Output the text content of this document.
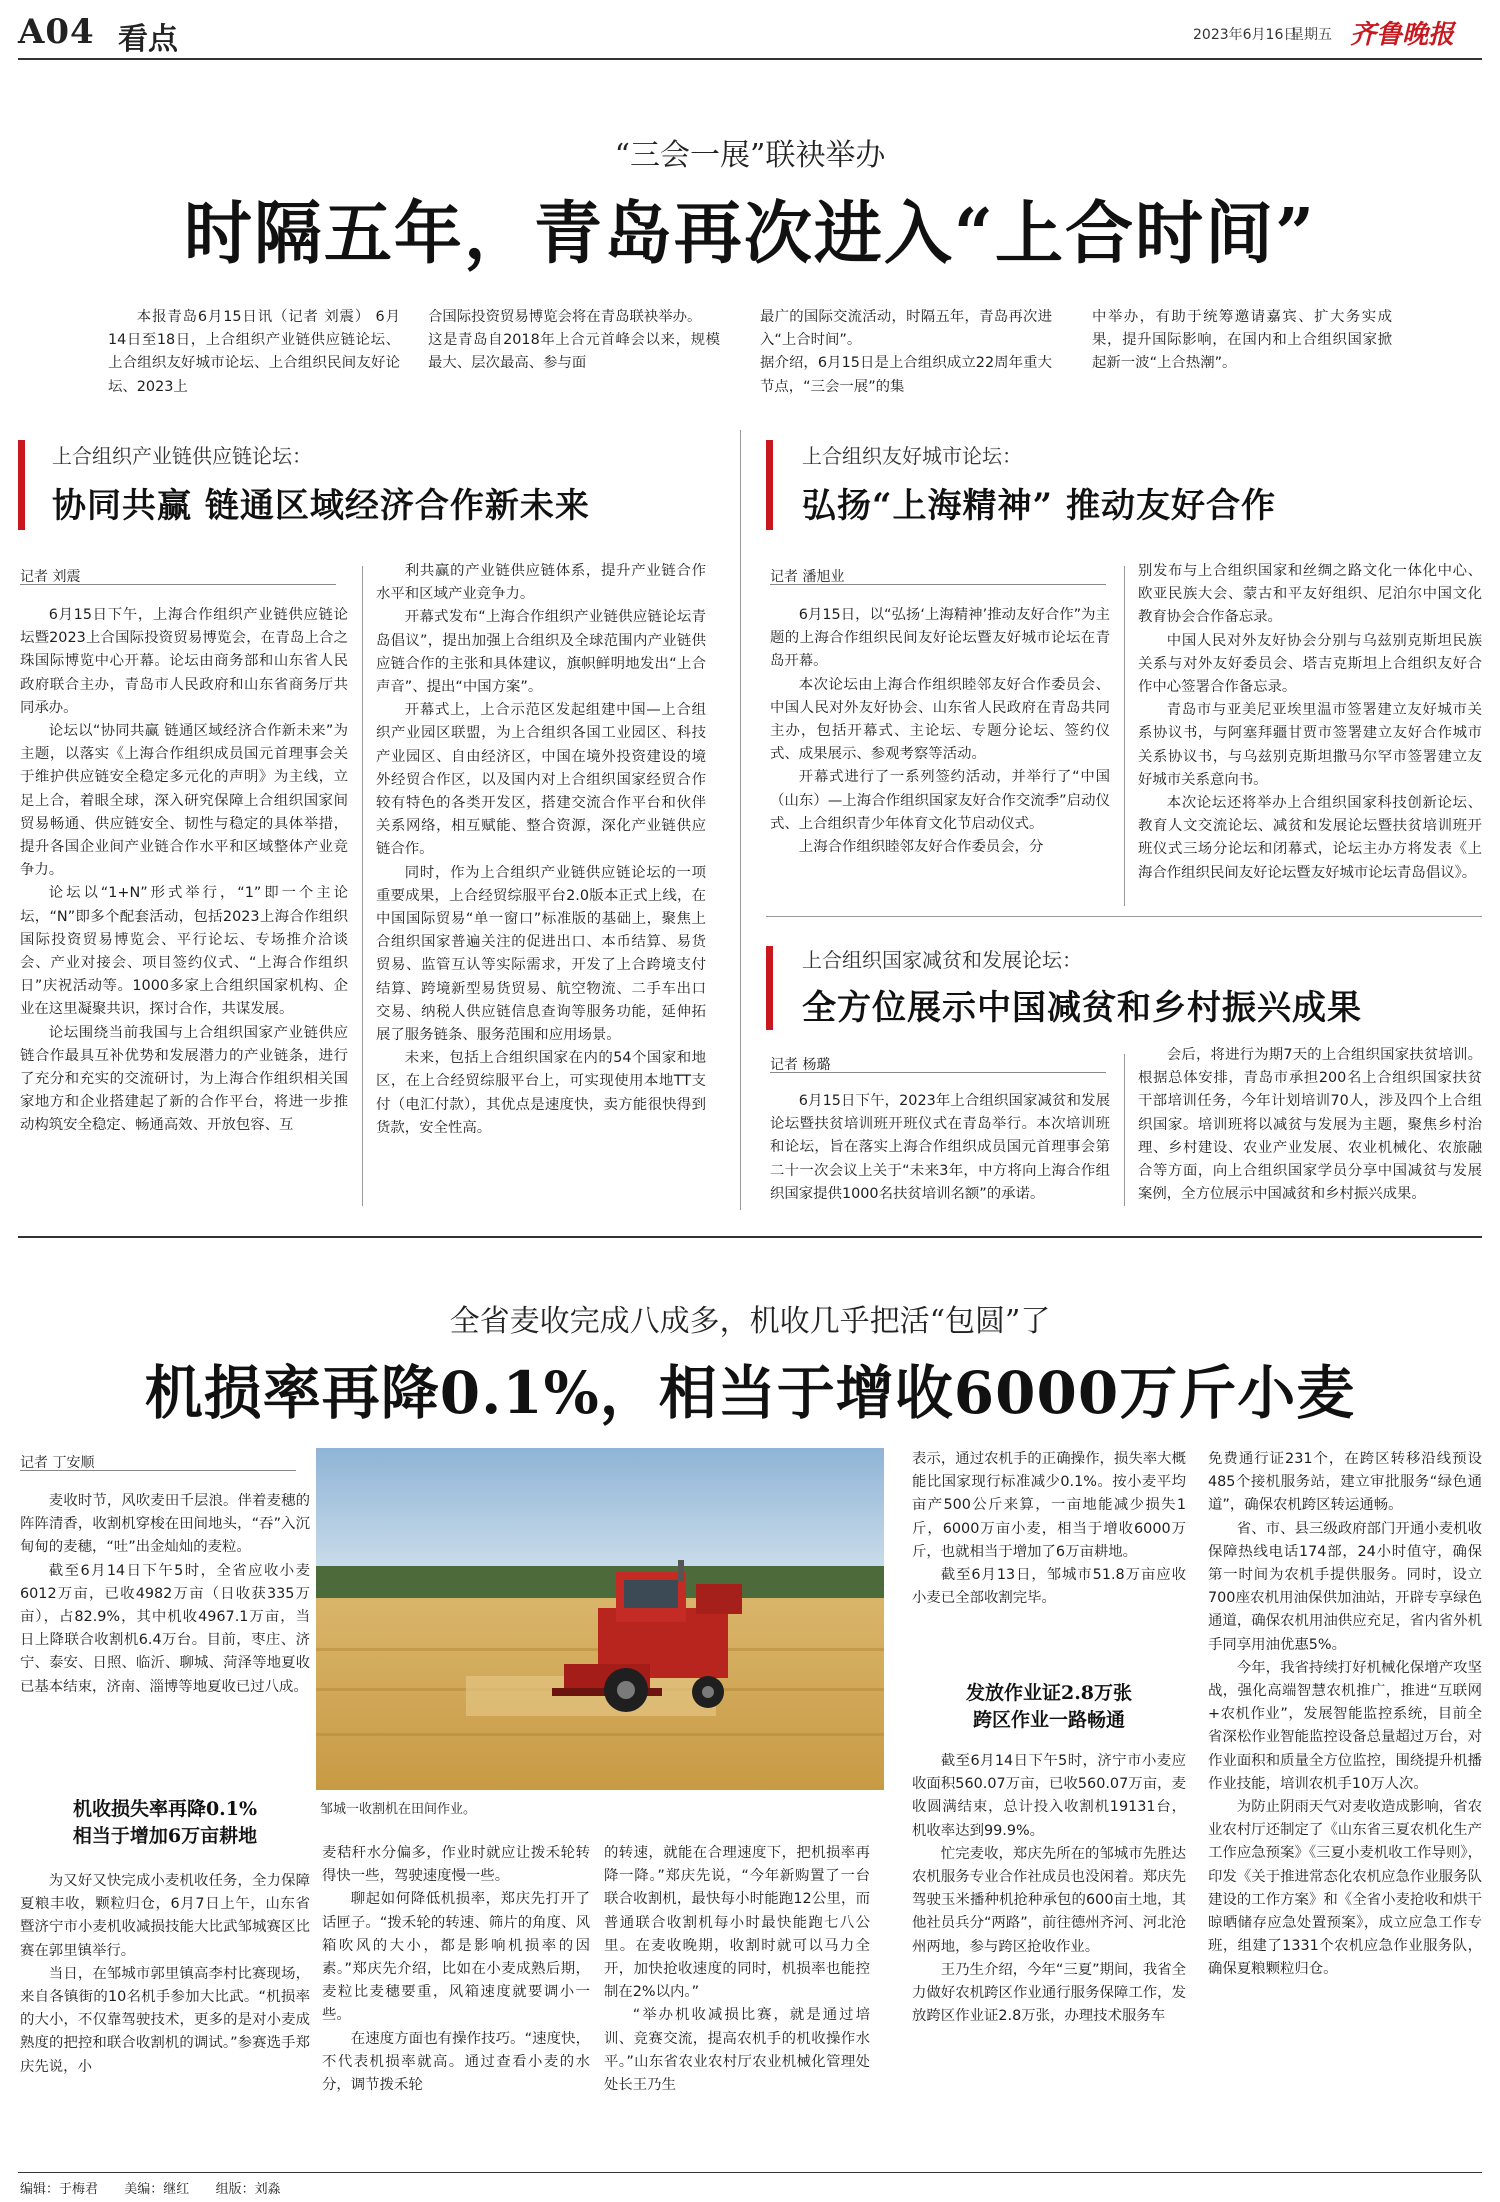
A04 看点	2023年6月16日
星期五 齐鲁晚报
“三会一展”联袂举办
时隔五年，青岛再次进入“上合时间”

本报青岛6月15日讯（记者 刘震） 6月14日至18日，上合组织产业链供应链论坛、上合组织友好城市论坛、上合组织民间友好论坛、2023上

合国际投资贸易博览会将在青岛联袂举办。
这是青岛自2018年上合元首峰会以来，规模最大、层次最高、参与面

最广的国际交流活动，时隔五年，青岛再次进入“上合时间”。
据介绍，6月15日是上合组织成立22周年重大节点，“三会一展”的集

中举办，有助于统筹邀请嘉宾、扩大务实成果，提升国际影响，在国内和上合组织国家掀起新一波“上合热潮”。

上合组织产业链供应链论坛：
协同共赢 链通区域经济合作新未来
记者 刘震

6月15日下午，上海合作组织产业链供应链论坛暨2023上合国际投资贸易博览会，在青岛上合之珠国际博览中心开幕。论坛由商务部和山东省人民政府联合主办，青岛市人民政府和山东省商务厅共同承办。

论坛以“协同共赢 链通区域经济合作新未来”为主题，以落实《上海合作组织成员国元首理事会关于维护供应链安全稳定多元化的声明》为主线，立足上合，着眼全球，深入研究保障上合组织国家间贸易畅通、供应链安全、韧性与稳定的具体举措，提升各国企业间产业链合作水平和区域整体产业竞争力。

论坛以“1+N”形式举行，“1”即一个主论坛，“N”即多个配套活动，包括2023上海合作组织国际投资贸易博览会、平行论坛、专场推介洽谈会、产业对接会、项目签约仪式、“上海合作组织日”庆祝活动等。1000多家上合组织国家机构、企业在这里凝聚共识，探讨合作，共谋发展。

论坛围绕当前我国与上合组织国家产业链供应链合作最具互补优势和发展潜力的产业链条，进行了充分和充实的交流研讨，为上海合作组织相关国家地方和企业搭建起了新的合作平台，将进一步推动构筑安全稳定、畅通高效、开放包容、互

利共赢的产业链供应链体系，提升产业链合作水平和区域产业竞争力。

开幕式发布“上海合作组织产业链供应链论坛青岛倡议”，提出加强上合组织及全球范围内产业链供应链合作的主张和具体建议，旗帜鲜明地发出“上合声音”、提出“中国方案”。

开幕式上，上合示范区发起组建中国—上合组织产业园区联盟，为上合组织各国工业园区、科技产业园区、自由经济区，中国在境外投资建设的境外经贸合作区，以及国内对上合组织国家经贸合作较有特色的各类开发区，搭建交流合作平台和伙伴关系网络，相互赋能、整合资源，深化产业链供应链合作。

同时，作为上合组织产业链供应链论坛的一项重要成果，上合经贸综服平台2.0版本正式上线，在中国国际贸易“单一窗口”标准版的基础上，聚焦上合组织国家普遍关注的促进出口、本币结算、易货贸易、监管互认等实际需求，开发了上合跨境支付结算、跨境新型易货贸易、航空物流、二手车出口交易、纳税人供应链信息查询等服务功能，延伸拓展了服务链条、服务范围和应用场景。

未来，包括上合组织国家在内的54个国家和地区，在上合经贸综服平台上，可实现使用本地TT支付（电汇付款），其优点是速度快，卖方能很快得到货款，安全性高。

上合组织友好城市论坛：
弘扬“上海精神” 推动友好合作
记者 潘旭业

6月15日，以“弘扬‘上海精神’推动友好合作”为主题的上海合作组织民间友好论坛暨友好城市论坛在青岛开幕。

本次论坛由上海合作组织睦邻友好合作委员会、中国人民对外友好协会、山东省人民政府在青岛共同主办，包括开幕式、主论坛、专题分论坛、签约仪式、成果展示、参观考察等活动。

开幕式进行了一系列签约活动，并举行了“中国（山东）—上海合作组织国家友好合作交流季”启动仪式、上合组织青少年体育文化节启动仪式。

上海合作组织睦邻友好合作委员会，分

别发布与上合组织国家和丝绸之路文化一体化中心、欧亚民族大会、蒙古和平友好组织、尼泊尔中国文化教育协会合作备忘录。

中国人民对外友好协会分别与乌兹别克斯坦民族关系与对外友好委员会、塔吉克斯坦上合组织友好合作中心签署合作备忘录。

青岛市与亚美尼亚埃里温市签署建立友好城市关系协议书，与阿塞拜疆甘贾市签署建立友好合作城市关系协议书，与乌兹别克斯坦撒马尔罕市签署建立友好城市关系意向书。

本次论坛还将举办上合组织国家科技创新论坛、教育人文交流论坛、减贫和发展论坛暨扶贫培训班开班仪式三场分论坛和闭幕式，论坛主办方将发表《上海合作组织民间友好论坛暨友好城市论坛青岛倡议》。

上合组织国家减贫和发展论坛：
全方位展示中国减贫和乡村振兴成果
记者 杨璐

6月15日下午，2023年上合组织国家减贫和发展论坛暨扶贫培训班开班仪式在青岛举行。本次培训班和论坛，旨在落实上海合作组织成员国元首理事会第二十一次会议上关于“未来3年，中方将向上海合作组织国家提供1000名扶贫培训名额”的承诺。

会后，将进行为期7天的上合组织国家扶贫培训。根据总体安排，青岛市承担200名上合组织国家扶贫干部培训任务，今年计划培训70人，涉及四个上合组织国家。培训班将以减贫与发展为主题，聚焦乡村治理、乡村建设、农业产业发展、农业机械化、农旅融合等方面，向上合组织国家学员分享中国减贫与发展案例，全方位展示中国减贫和乡村振兴成果。

全省麦收完成八成多，机收几乎把活“包圆”了
机损率再降0.1%，相当于增收6000万斤小麦
记者 丁安顺

麦收时节，风吹麦田千层浪。伴着麦穗的阵阵清香，收割机穿梭在田间地头，“吞”入沉甸甸的麦穗，“吐”出金灿灿的麦粒。

截至6月14日下午5时，全省应收小麦6012万亩，已收4982万亩（日收获335万亩），占82.9%，其中机收4967.1万亩，当日上降联合收割机6.4万台。目前，枣庄、济宁、泰安、日照、临沂、聊城、菏泽等地夏收已基本结束，济南、淄博等地夏收已过八成。

机收损失率再降0.1%
相当于增加6万亩耕地

为又好又快完成小麦机收任务，全力保障夏粮丰收，颗粒归仓，6月7日上午，山东省暨济宁市小麦机收减损技能大比武邹城赛区比赛在郭里镇举行。

当日，在邹城市郭里镇高李村比赛现场，来自各镇街的10名机手参加大比武。“机损率的大小，不仅靠驾驶技术，更多的是对小麦成熟度的把控和联合收割机的调试。”参赛选手郑庆先说，小

邹城一收割机在田间作业。

麦秸秆水分偏多，作业时就应让拨禾轮转得快一些，驾驶速度慢一些。

聊起如何降低机损率，郑庆先打开了话匣子。“拨禾轮的转速、筛片的角度、风箱吹风的大小，都是影响机损率的因素。”郑庆先介绍，比如在小麦成熟后期，麦粒比麦穗要重，风箱速度就要调小一些。

在速度方面也有操作技巧。“速度快，不代表机损率就高。通过查看小麦的水分，调节拨禾轮

的转速，就能在合理速度下，把机损率再降一降。”郑庆先说，“今年新购置了一台联合收割机，最快每小时能跑12公里，而普通联合收割机每小时最快能跑七八公里。在麦收晚期，收割时就可以马力全开，加快抢收速度的同时，机损率也能控制在2%以内。”

“举办机收减损比赛，就是通过培训、竞赛交流，提高农机手的机收操作水平。”山东省农业农村厅农业机械化管理处处长王乃生

表示，通过农机手的正确操作，损失率大概能比国家现行标准减少0.1%。按小麦平均亩产500公斤来算，一亩地能减少损失1斤，6000万亩小麦，相当于增收6000万斤，也就相当于增加了6万亩耕地。

截至6月13日，邹城市51.8万亩应收小麦已全部收割完毕。

发放作业证2.8万张
跨区作业一路畅通

截至6月14日下午5时，济宁市小麦应收面积560.07万亩，已收560.07万亩，麦收圆满结束，总计投入收割机19131台，机收率达到99.9%。

忙完麦收，郑庆先所在的邹城市先胜达农机服务专业合作社成员也没闲着。郑庆先驾驶玉米播种机抢种承包的600亩土地，其他社员兵分“两路”，前往德州齐河、河北沧州两地，参与跨区抢收作业。

王乃生介绍，今年“三夏”期间，我省全力做好农机跨区作业通行服务保障工作，发放跨区作业证2.8万张，办理技术服务车

免费通行证231个，在跨区转移沿线预设485个接机服务站，建立审批服务“绿色通道”，确保农机跨区转运通畅。

省、市、县三级政府部门开通小麦机收保障热线电话174部，24小时值守，确保第一时间为农机手提供服务。同时，设立700座农机用油保供加油站，开辟专享绿色通道，确保农机用油供应充足，省内省外机手同享用油优惠5%。

今年，我省持续打好机械化保增产攻坚战，强化高端智慧农机推广，推进“互联网+农机作业”，发展智能监控系统，目前全省深松作业智能监控设备总量超过万台，对作业面积和质量全方位监控，围绕提升机播作业技能，培训农机手10万人次。

为防止阴雨天气对麦收造成影响，省农业农村厅还制定了《山东省三夏农机化生产工作应急预案》《三夏小麦机收工作导则》，印发《关于推进常态化农机应急作业服务队建设的工作方案》和《全省小麦抢收和烘干晾晒储存应急处置预案》，成立应急工作专班，组建了1331个农机应急作业服务队，确保夏粮颗粒归仓。

编辑：于梅君 美编：继红 组版：刘淼
